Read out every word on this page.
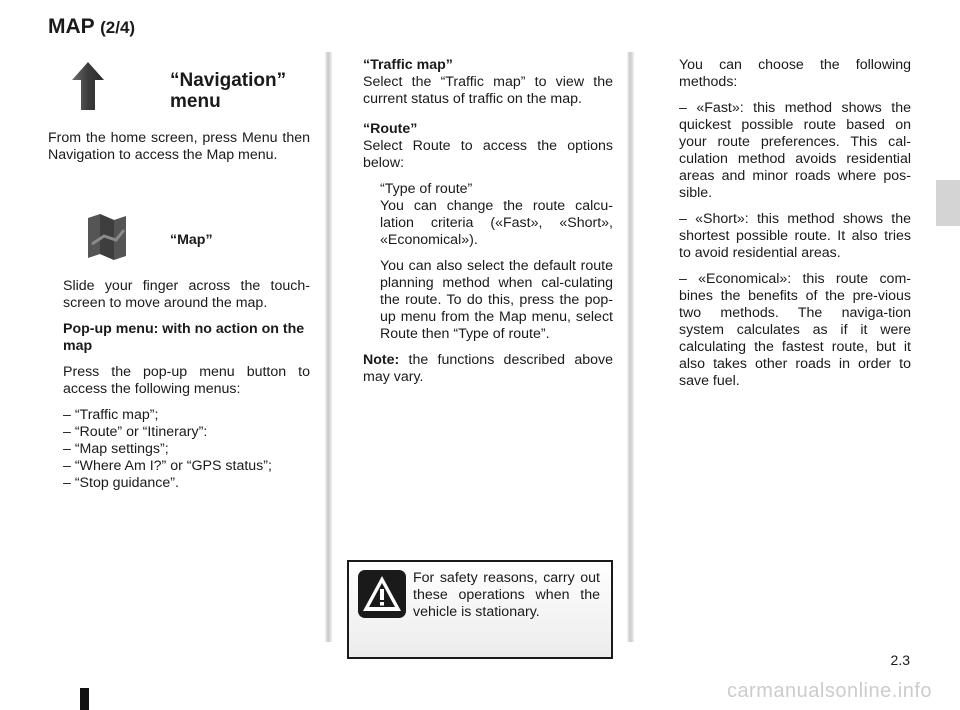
MAP (2/4)
“Navigation”
menu

From the home screen, press Menu then Navigation to access the Map menu.

“Map”

Slide your finger across the touch-screen to move around the map.

Pop-up menu: with no action on the map

Press the pop-up menu button to access the following menus:

– “Traffic map”;
– “Route” or “Itinerary”:
– “Map settings”;
– “Where Am I?” or “GPS status”;
– “Stop guidance”.

“Traffic map”

Select the “Traffic map” to view the current status of traffic on the map.

“Route”

Select Route to access the options below:

“Type of route”

You can change the route calcu-lation criteria («Fast», «Short», «Economical»).

You can also select the default route planning method when cal-culating the route. To do this, press the pop-up menu from the Map menu, select Route then “Type of route”.

Note: the functions described above may vary.

You can choose the following methods:

– «Fast»: this method shows the quickest possible route based on your route preferences. This cal-culation method avoids residential areas and minor roads where pos-sible.

– «Short»: this method shows the shortest possible route. It also tries to avoid residential areas.

– «Economical»: this route com-bines the benefits of the pre-vious two methods. The naviga-tion system calculates as if it were calculating the fastest route, but it also takes other roads in order to save fuel.

For safety reasons, carry out these operations when the vehicle is stationary.

2.3
carmanualsonline.info
